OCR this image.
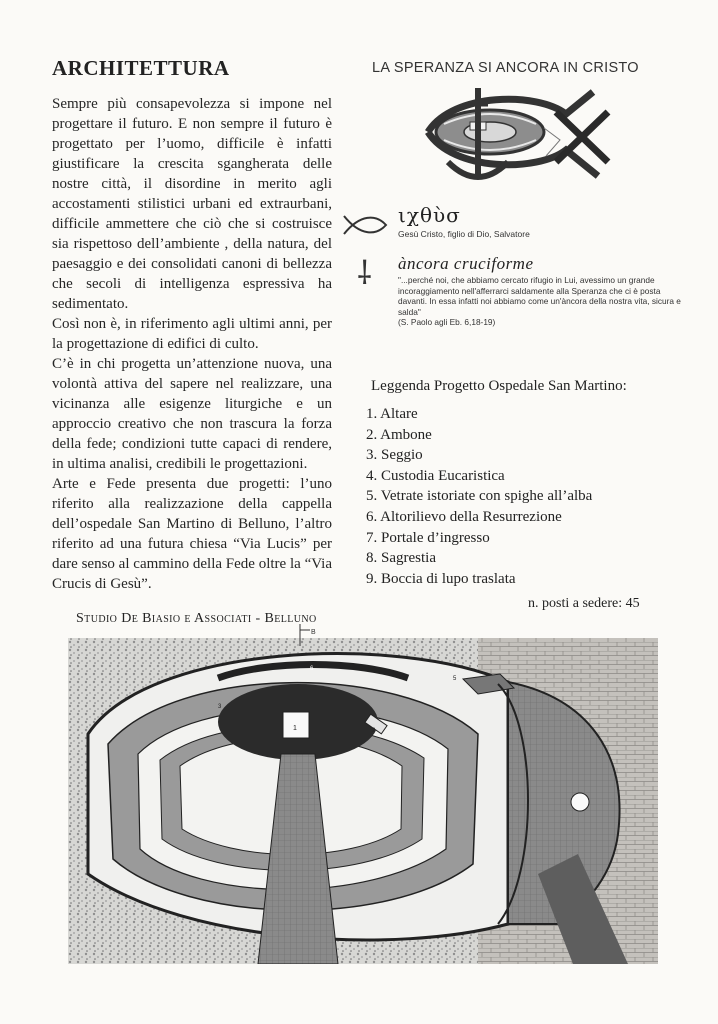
ARCHITETTURA	LA SPERANZA SI ANCORA IN CRISTO

Sempre più consapevolezza si impone nel progettare il futuro. E non sempre il futuro è progettato per l’uomo, difficile è infatti giustificare la crescita sgangherata delle nostre città, il disordine in merito agli accostamenti stilistici urbani ed extraurbani, difficile ammettere che ciò che si costruisce sia rispettoso dell’ambiente , della natura, del paesaggio e dei consolidati canoni di bellezza che secoli di intelligenza espressiva ha sedimentato.

Così non è, in riferimento agli ultimi anni, per la progettazione di edifici di culto.

C’è in chi progetta un’attenzione nuova, una volontà attiva del sapere nel realizzare, una vicinanza alle esigenze liturgiche e un approccio creativo che non trascura la forza della fede; condizioni tutte capaci di rendere, in ultima analisi, credibili le progettazioni.

Arte e Fede presenta due progetti: l’uno riferito alla realizzazione della cappella dell’ospedale San Martino di Belluno, l’altro riferito ad una futura chiesa “Via Lucis” per dare senso al cammino della Fede oltre la “Via Crucis di Gesù”.

ιχθὺσ
Gesù Cristo, figlio di Dio, Salvatore
⸸ àncora cruciforme
"...perché noi, che abbiamo cercato rifugio in Lui, avessimo un grande incoraggiamento nell'afferrarci saldamente alla Speranza che ci è posta davanti. In essa infatti noi abbiamo come un'àncora della nostra vita, sicura e salda"
(S. Paolo agli Eb. 6,18-19)
Leggenda Progetto Ospedale San Martino:
1. Altare
2. Ambone
3. Seggio
4. Custodia Eucaristica
5. Vetrate istoriate con spighe all’alba
6. Altorilievo della Resurrezione
7. Portale d’ingresso
8. Sagrestia
9. Boccia di lupo traslata
n. posti a sedere: 45
Studio De Biasio e Associati - Belluno
B
1	2
3
6
5
